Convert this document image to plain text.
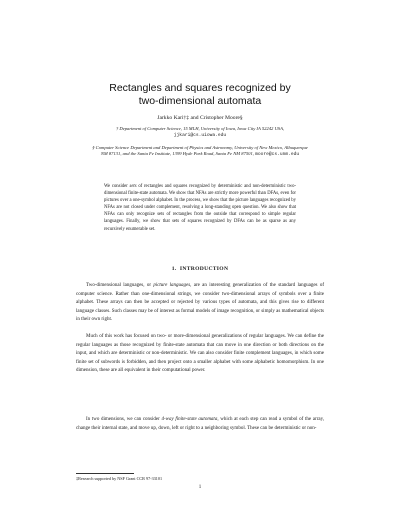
Rectangles and squares recognized by
two-dimensional automata
Jarkko Kari†‡ and Cristopher Moore§
† Department of Computer Science, 15 MLH, University of Iowa, Iowa City IA 52242 USA,
jjkari@cs.uiowa.edu
§ Computer Science Department and Department of Physics and Astronomy, University of New Mexico, Albuquerque NM 87131, and the Santa Fe Institute, 1399 Hyde Park Road, Santa Fe NM 87501, moore@cs.unm.edu
We consider sets of rectangles and squares recognized by deterministic and non-deterministic two-dimensional finite-state automata. We show that NFAs are strictly more powerful than DFAs, even for pictures over a one-symbol alphabet. In the process, we show that the picture languages recognized by NFAs are not closed under complement, resolving a long-standing open question. We also show that NFAs can only recognize sets of rectangles from the outside that correspond to simple regular languages. Finally, we show that sets of squares recognized by DFAs can be as sparse as any recursively enumerable set.
1. INTRODUCTION
Two-dimensional languages, or picture languages, are an interesting generalization of the standard languages of computer science. Rather than one-dimensional strings, we consider two-dimensional arrays of symbols over a finite alphabet. These arrays can then be accepted or rejected by various types of automata, and this gives rise to different language classes. Such classes may be of interest as formal models of image recognition, or simply as mathematical objects in their own right.
Much of this work has focused on two- or more-dimensional generalizations of regular languages. We can define the regular languages as those recognized by finite-state automata that can move in one direction or both directions on the input, and which are deterministic or non-deterministic. We can also consider finite complement languages, in which some finite set of subwords is forbidden, and then project onto a smaller alphabet with some alphabetic homomorphism. In one dimension, these are all equivalent in their computational power.
In two dimensions, we can consider 4-way finite-state automata, which at each step can read a symbol of the array, change their internal state, and move up, down, left or right to a neighboring symbol. These can be deterministic or non-
‡Research supported by NSF Grant CCR 97-33101
1
